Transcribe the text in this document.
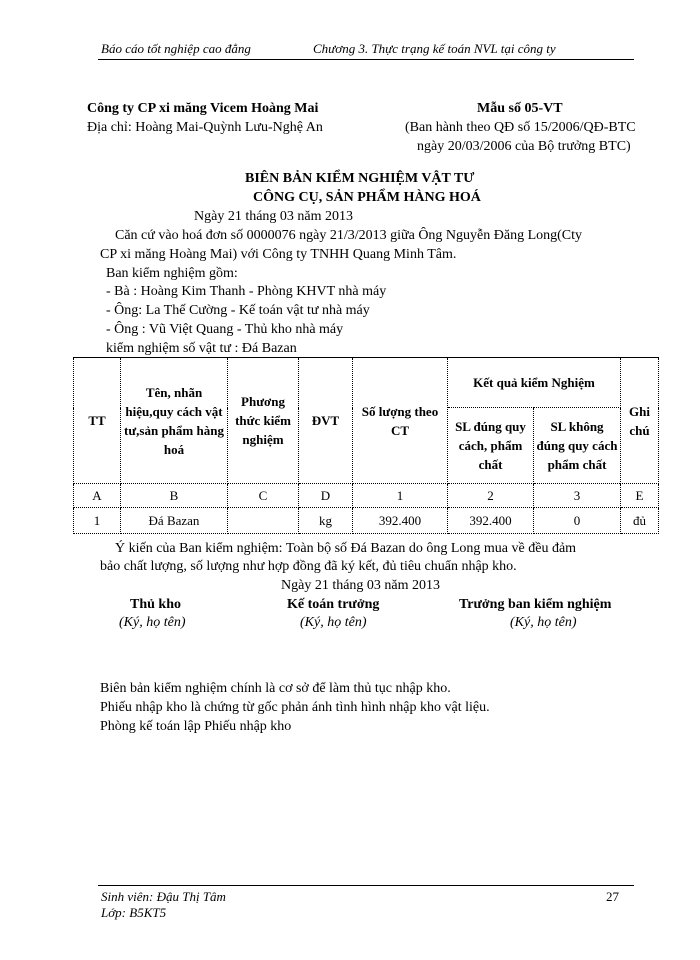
Báo cáo tốt nghiệp cao đẳng	Chương 3. Thực trạng kế toán NVL tại công ty
Công ty CP xi măng Vicem Hoàng Mai
Địa chỉ: Hoàng Mai-Quỳnh Lưu-Nghệ An
Mẫu số 05-VT
(Ban hành theo QĐ số 15/2006/QĐ-BTC
ngày 20/03/2006 của Bộ trưởng BTC)
BIÊN BẢN KIỂM NGHIỆM VẬT TƯ
CÔNG CỤ, SẢN PHẨM HÀNG HOÁ
Ngày 21 tháng 03 năm 2013
Căn cứ vào hoá đơn số 0000076 ngày 21/3/2013 giữa Ông Nguyễn Đăng Long(Cty
CP xi măng Hoàng Mai) với Công ty TNHH Quang Minh Tâm.
Ban kiểm nghiệm gồm:
- Bà : Hoàng Kim Thanh - Phòng KHVT nhà máy
- Ông: La Thế Cường - Kế toán vật tư nhà máy
- Ông : Vũ Việt Quang - Thủ kho nhà máy
kiểm nghiệm số vật tư : Đá Bazan
TT	Tên, nhãn hiệu,quy cách vật tư,sản phẩm hàng hoá	Phương thức kiểm nghiệm	ĐVT	Số lượng theo CT	Kết quả kiểm Nghiệm		Ghi chú
					SL đúng quy cách, phẩm chất	SL không đúng quy cách phẩm chất	
A	B	C	D	1	2	3	E
1	Đá Bazan		kg	392.400	392.400	0	đủ
Ý kiến của Ban kiểm nghiệm: Toàn bộ số Đá Bazan do ông Long mua về đều đảm
bảo chất lượng, số lượng như hợp đồng đã ký kết, đủ tiêu chuẩn nhập kho.
Ngày 21 tháng 03 năm 2013
Thủ kho
(Ký, họ tên)
Kế toán trưởng
(Ký, họ tên)
Trưởng ban kiểm nghiệm
(Ký, họ tên)
Biên bản kiểm nghiệm chính là cơ sở để làm thủ tục nhập kho.
Phiếu nhập kho là chứng từ gốc phản ánh tình hình nhập kho vật liệu.
Phòng kế toán lập Phiếu nhập kho
Sinh viên: Đậu Thị Tâm
Lớp: B5KT5
27
